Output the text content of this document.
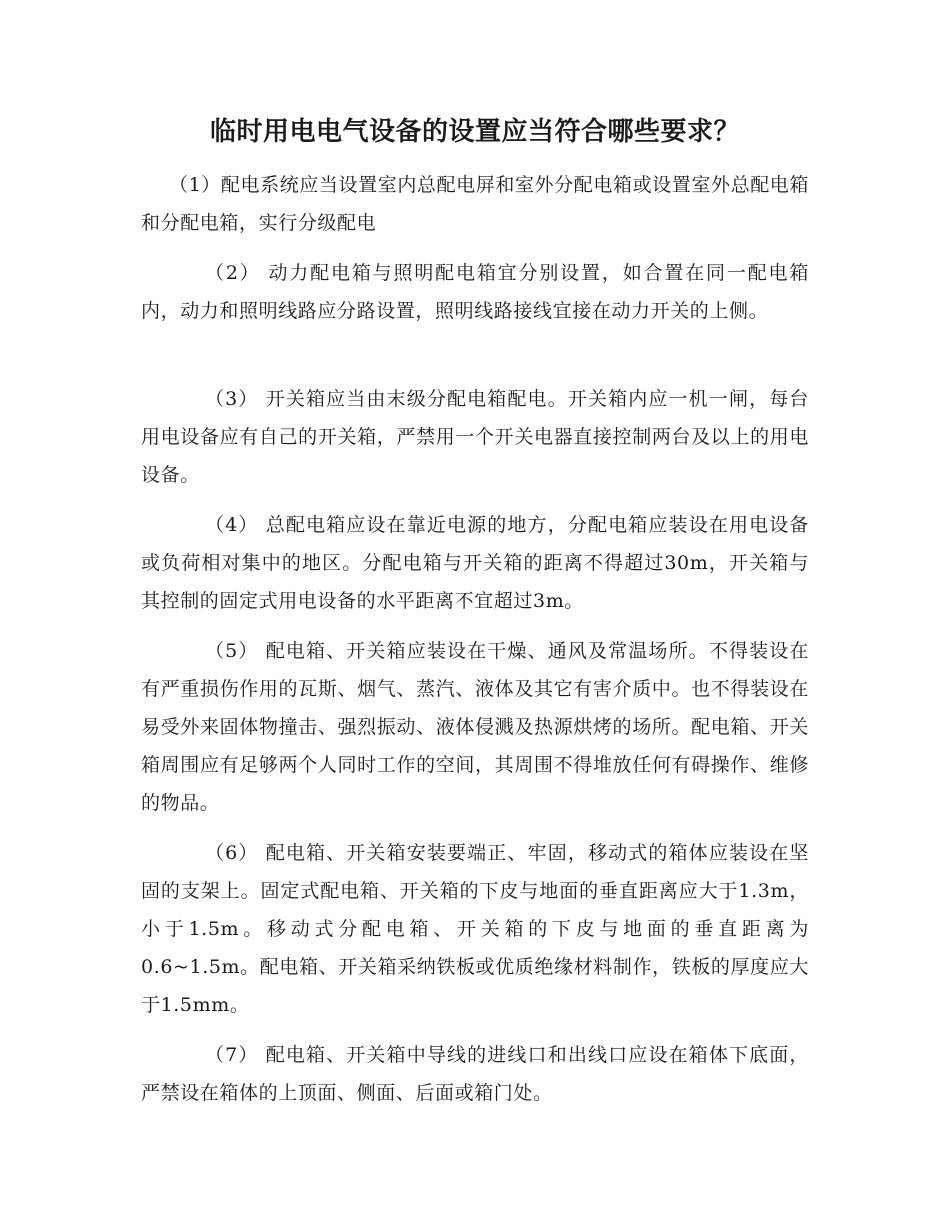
临时用电电气设备的设置应当符合哪些要求？

（1）配电系统应当设置室内总配电屏和室外分配电箱或设置室外总配电箱和分配电箱，实行分级配电

（2） 动力配电箱与照明配电箱宜分别设置，如合置在同一配电箱内，动力和照明线路应分路设置，照明线路接线宜接在动力开关的上侧。

（3） 开关箱应当由末级分配电箱配电。开关箱内应一机一闸，每台用电设备应有自己的开关箱，严禁用一个开关电器直接控制两台及以上的用电设备。

（4） 总配电箱应设在靠近电源的地方，分配电箱应装设在用电设备或负荷相对集中的地区。分配电箱与开关箱的距离不得超过30m，开关箱与其控制的固定式用电设备的水平距离不宜超过3m。

（5） 配电箱、开关箱应装设在干燥、通风及常温场所。不得装设在有严重损伤作用的瓦斯、烟气、蒸汽、液体及其它有害介质中。也不得装设在易受外来固体物撞击、强烈振动、液体侵溅及热源烘烤的场所。配电箱、开关箱周围应有足够两个人同时工作的空间，其周围不得堆放任何有碍操作、维修的物品。

（6） 配电箱、开关箱安装要端正、牢固，移动式的箱体应装设在坚固的支架上。固定式配电箱、开关箱的下皮与地面的垂直距离应大于1.3m，小于1.5m。移动式分配电箱、开关箱的下皮与地面的垂直距离为0.6~1.5m。配电箱、开关箱采纳铁板或优质绝缘材料制作，铁板的厚度应大于1.5mm。

（7） 配电箱、开关箱中导线的进线口和出线口应设在箱体下底面，严禁设在箱体的上顶面、侧面、后面或箱门处。
